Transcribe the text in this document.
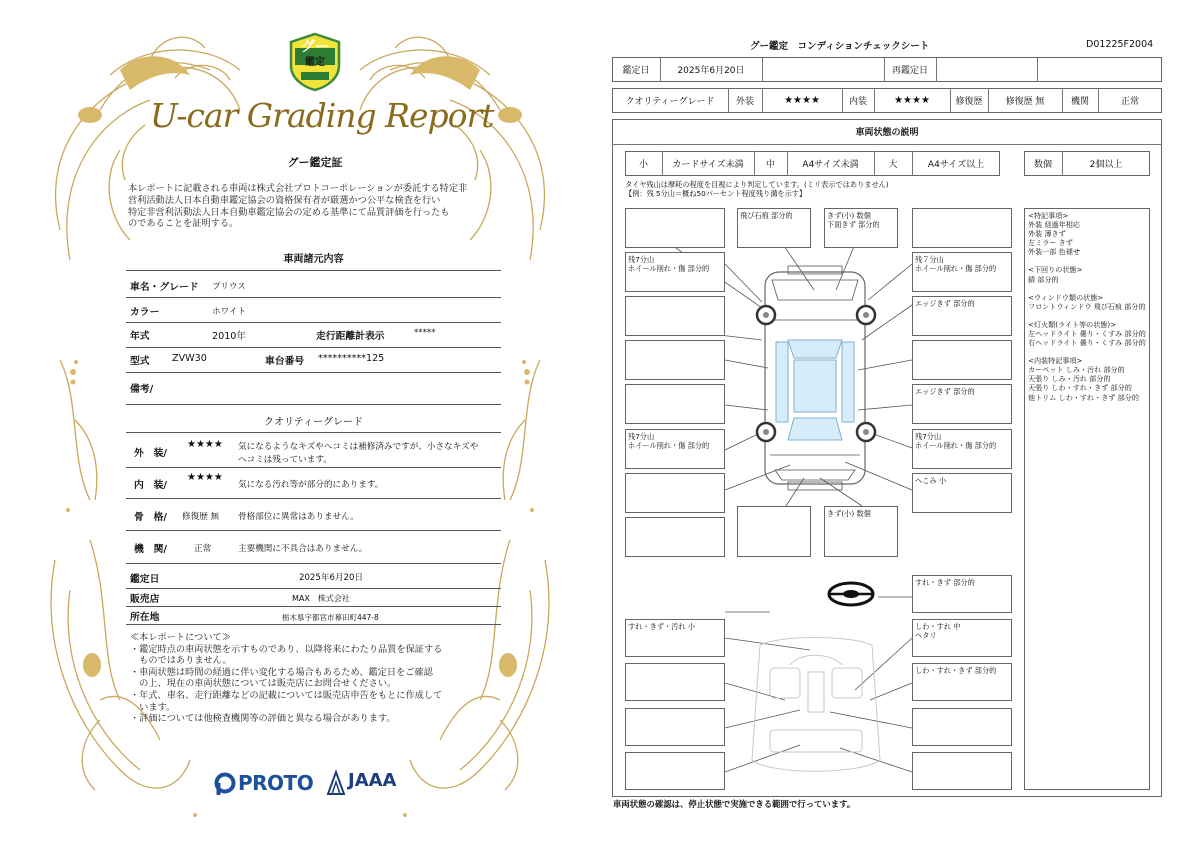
グー
鑑定
U-car Grading Report
グー鑑定証
本レポートに記載される車両は株式会社プロトコーポレーションが委託する特定非
営利活動法人日本自動車鑑定協会の資格保有者が厳選かつ公平な検査を行い
特定非営利活動法人日本自動車鑑定協会の定める基準にて品質評価を行ったも
のであることを証明する。
車両諸元内容
車名・グレード プリウス
カラー	ホワイト
年式	2010年	走行距離計表示	*****
型式 ZVW30	車台番号 **********125
備考/
クオリティーグレード
外　装/
★★★★ 気になるようなキズやヘコミは補修済みですが、小さなキズや
ヘコミは残っています。
内　装/
★★★★
気になる汚れ等が部分的にあります。
骨　格/ 修復歴 無 骨格部位に異常はありません。
機　関/	正常	主要機関に不具合はありません。
鑑定日	2025年6月20日
販売店	MAX　株式会社
所在地	栃木県宇都宮市幕田町447-8
≪本レポートについて≫
・鑑定時点の車両状態を示すものであり、以降将来にわたり品質を保証する
　ものではありません。
・車両状態は時間の経過に伴い変化する場合もあるため、鑑定日をご確認
　の上、現在の車両状態については販売店にお問合せください。
・年式、車名、走行距離などの記載については販売店申告をもとに作成して
　います。
・評価については他検査機関等の評価と異なる場合があります。
PROTO JAAA
グー鑑定　コンディションチェックシート	D01225F2004
鑑定日	2025年6月20日	再鑑定日
クオリティーグレード	外装	★★★★	内装	★★★★	修復歴	修復歴 無	機関	正常
車両状態の説明
小	カードサイズ未満	中	A4サイズ未満	大	A4サイズ以上	数個	2個以上
タイヤ残山は摩耗の程度を目視により判定しています。(ミリ表示ではありません)
【例：残 5分山＝概ね50パーセント程度残り溝を示す】
残7分山
ホイール削れ・傷 部分的
残7分山
ホイール削れ・傷 部分的
飛び石痕 部分的	きず(小) 数個
下面きず 部分的
きず(小) 数個
残７分山
ホイール削れ・傷 部分的
エッジきず 部分的
エッジきず 部分的
残7分山
ホイール削れ・傷 部分的
へこみ 小
すれ・きず 部分的
すれ・きず・汚れ 小	しわ・すれ 中
ヘタリ
しわ・すれ・きず 部分的
<特記事項>
外装 経過年相応
外装 薄きず
左ミラー きず
外装一部 色褪せ
<下回りの状態>
錆 部分的
<ウィンドウ類の状態>
フロントウィンドウ 飛び石痕 部分的
<灯火類(ライト等の状態)>
左ヘッドライト 曇り・くすみ 部分的
右ヘッドライト 曇り・くすみ 部分的
<内装特記事項>
カーペット しみ・汚れ 部分的
天張り しみ・汚れ 部分的
天張り しわ・すれ・きず 部分的
他トリム しわ・すれ・きず 部分的
車両状態の確認は、停止状態で実施できる範囲で行っています。
